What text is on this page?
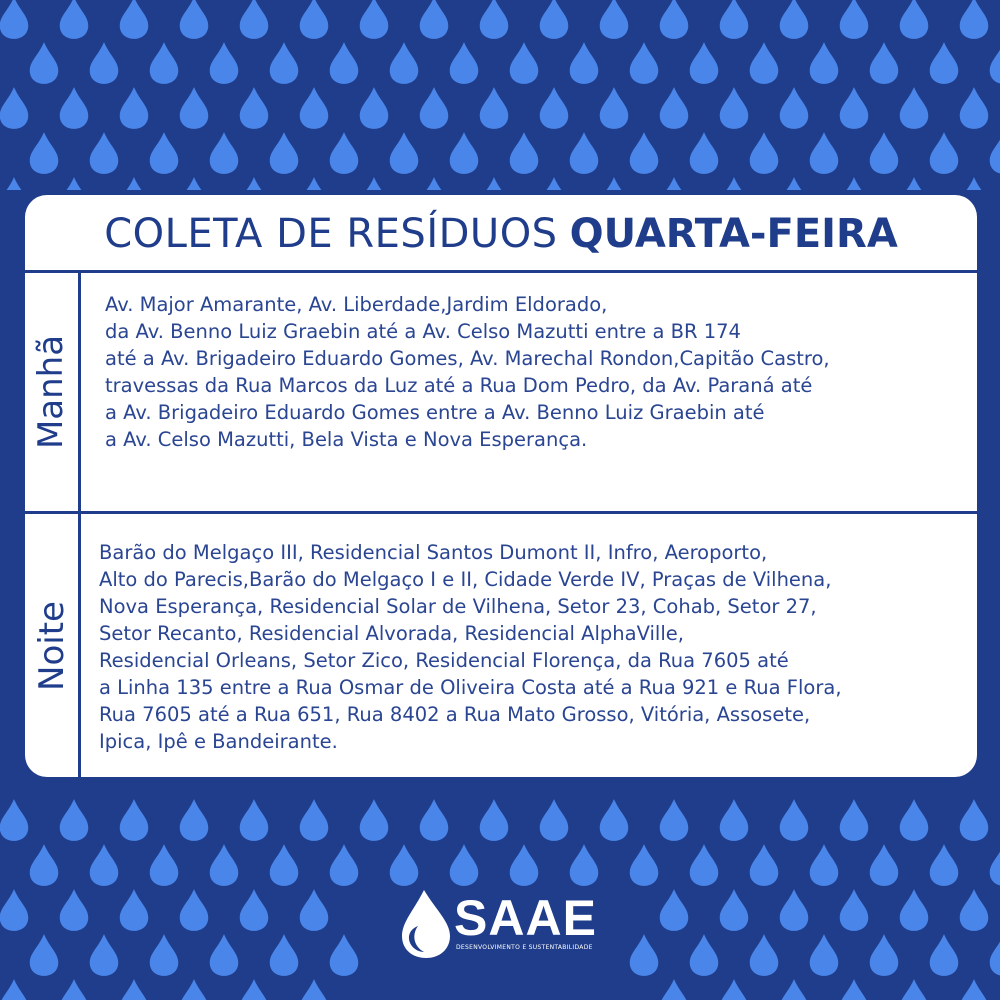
COLETA DE RESÍDUOS QUARTA-FEIRA
Manhã
Av. Major Amarante, Av. Liberdade,Jardim Eldorado,
da Av. Benno Luiz Graebin até a Av. Celso Mazutti entre a BR 174
até a Av. Brigadeiro Eduardo Gomes, Av. Marechal Rondon,Capitão Castro,
travessas da Rua Marcos da Luz até a Rua Dom Pedro, da Av. Paraná até
a Av. Brigadeiro Eduardo Gomes entre a Av. Benno Luiz Graebin até
a Av. Celso Mazutti, Bela Vista e Nova Esperança.
Noite
Barão do Melgaço III, Residencial Santos Dumont II, Infro, Aeroporto,
Alto do Parecis,Barão do Melgaço I e II, Cidade Verde IV, Praças de Vilhena,
Nova Esperança, Residencial Solar de Vilhena, Setor 23, Cohab, Setor 27,
Setor Recanto, Residencial Alvorada, Residencial AlphaVille,
Residencial Orleans, Setor Zico, Residencial Florença, da Rua 7605 até
a Linha 135 entre a Rua Osmar de Oliveira Costa até a Rua 921 e Rua Flora,
Rua 7605 até a Rua 651, Rua 8402 a Rua Mato Grosso, Vitória, Assosete,
Ipica, Ipê e Bandeirante.
SAAE
DESENVOLVIMENTO E SUSTENTABILIDADE
